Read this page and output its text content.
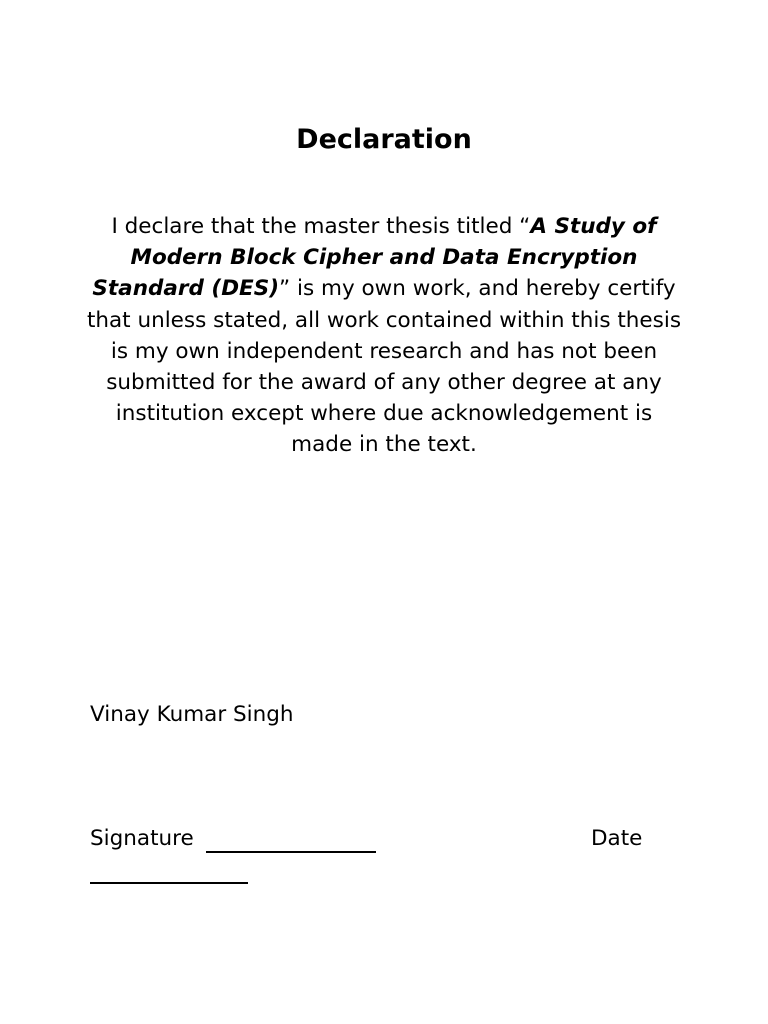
Declaration
I declare that the master thesis titled “A Study of Modern Block Cipher and Data Encryption Standard (DES)” is my own work, and hereby certify that unless stated, all work contained within this thesis is my own independent research and has not been submitted for the award of any other degree at any institution except where due acknowledgement is made in the text.
Vinay Kumar Singh
Signature	Date
